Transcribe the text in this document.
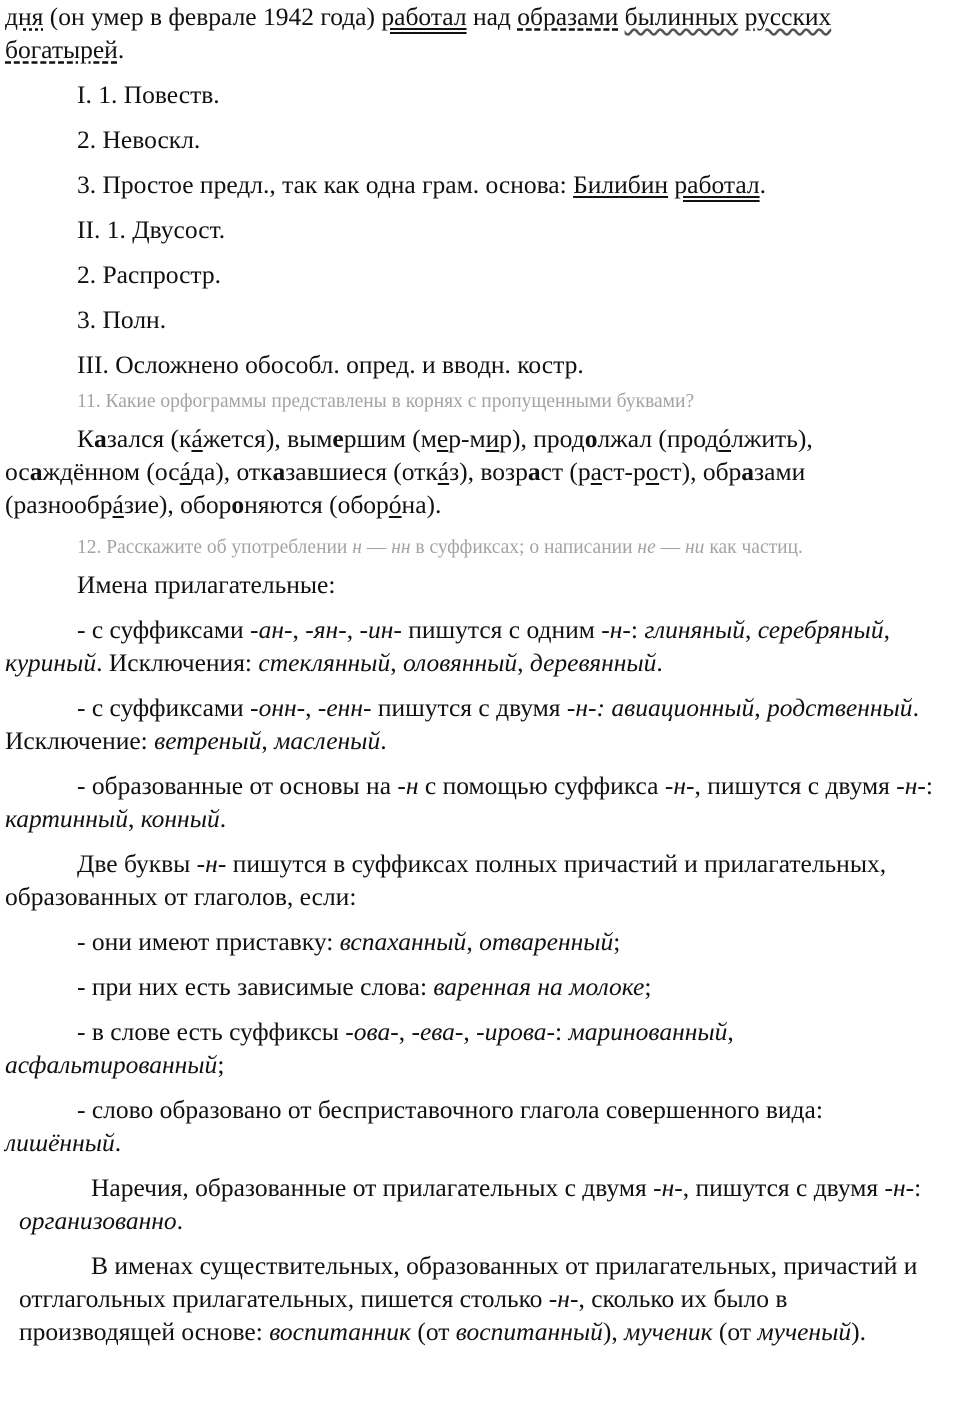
дня (он умер в феврале 1942 года) работал над образами былинных русских богатырей.

I. 1. Повеств.

2. Невоскл.

3. Простое предл., так как одна грам. основа: Билибин работал.

II. 1. Двусост.

2. Распростр.

3. Полн.

III. Осложнено обособл. опред. и вводн. костр.

11. Какие орфограммы представлены в корнях с пропущенными буквами?

Казался (кáжется), вымершим (мер-мир), продолжал (продóлжить), осаждённом (осáда), отказавшиеся (откáз), возраст (раст-рост), образами (разнообрáзие), обороняются (оборóна).

12. Расскажите об употреблении н — нн в суффиксах; о написании не — ни как частиц.

Имена прилагательные:

- с суффиксами -ан-, -ян-, -ин- пишутся с одним -н-: глиняный, серебряный, куриный. Исключения: стеклянный, оловянный, деревянный.

- с суффиксами -онн-, -енн- пишутся с двумя -н-: авиационный, родственный. Исключение: ветреный, масленый.

- образованные от основы на -н с помощью суффикса -н-, пишутся с двумя -н-: картинный, конный.

Две буквы -н- пишутся в суффиксах полных причастий и прилагательных, образованных от глаголов, если:

- они имеют приставку: вспаханный, отваренный;

- при них есть зависимые слова: варенная на молоке;

- в слове есть суффиксы -ова-, -ева-, -ирова-: маринованный, асфальтированный;

- слово образовано от бесприставочного глагола совершенного вида: лишённый.

Наречия, образованные от прилагательных с двумя -н-, пишутся с двумя -н-: организованно.

В именах существительных, образованных от прилагательных, причастий и отглагольных прилагательных, пишется столько -н-, сколько их было в производящей основе: воспитанник (от воспитанный), мученик (от мученый).
